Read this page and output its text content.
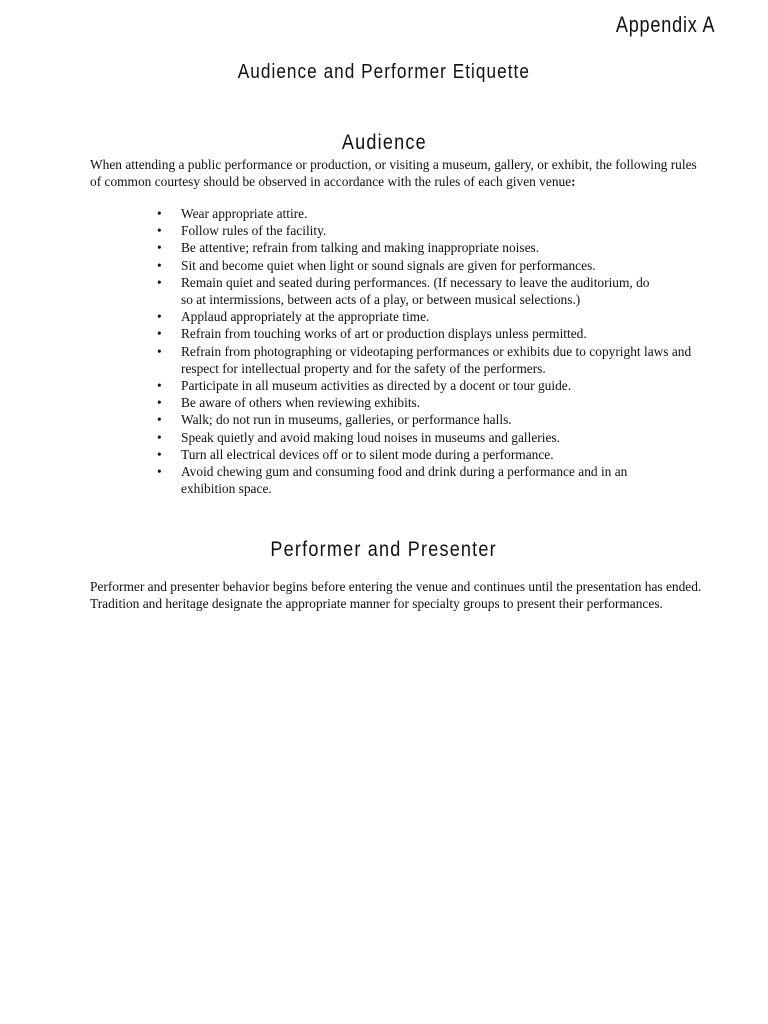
Appendix A
Audience and Performer Etiquette
Audience

When attending a public performance or production, or visiting a museum, gallery, or exhibit, the following rules of common courtesy should be observed in accordance with the rules of each given venue:

• Wear appropriate attire.
• Follow rules of the facility.
• Be attentive; refrain from talking and making inappropriate noises.
• Sit and become quiet when light or sound signals are given for performances.
• Remain quiet and seated during performances. (If necessary to leave the auditorium, do so at intermissions, between acts of a play, or between musical selections.)
• Applaud appropriately at the appropriate time.
• Refrain from touching works of art or production displays unless permitted.
• Refrain from photographing or videotaping performances or exhibits due to copyright laws and respect for intellectual property and for the safety of the performers.
• Participate in all museum activities as directed by a docent or tour guide.
• Be aware of others when reviewing exhibits.
• Walk; do not run in museums, galleries, or performance halls.
• Speak quietly and avoid making loud noises in museums and galleries.
• Turn all electrical devices off or to silent mode during a performance.
• Avoid chewing gum and consuming food and drink during a performance and in an exhibition space.
Performer and Presenter

Performer and presenter behavior begins before entering the venue and continues until the presentation has ended. Tradition and heritage designate the appropriate manner for specialty groups to present their performances.
